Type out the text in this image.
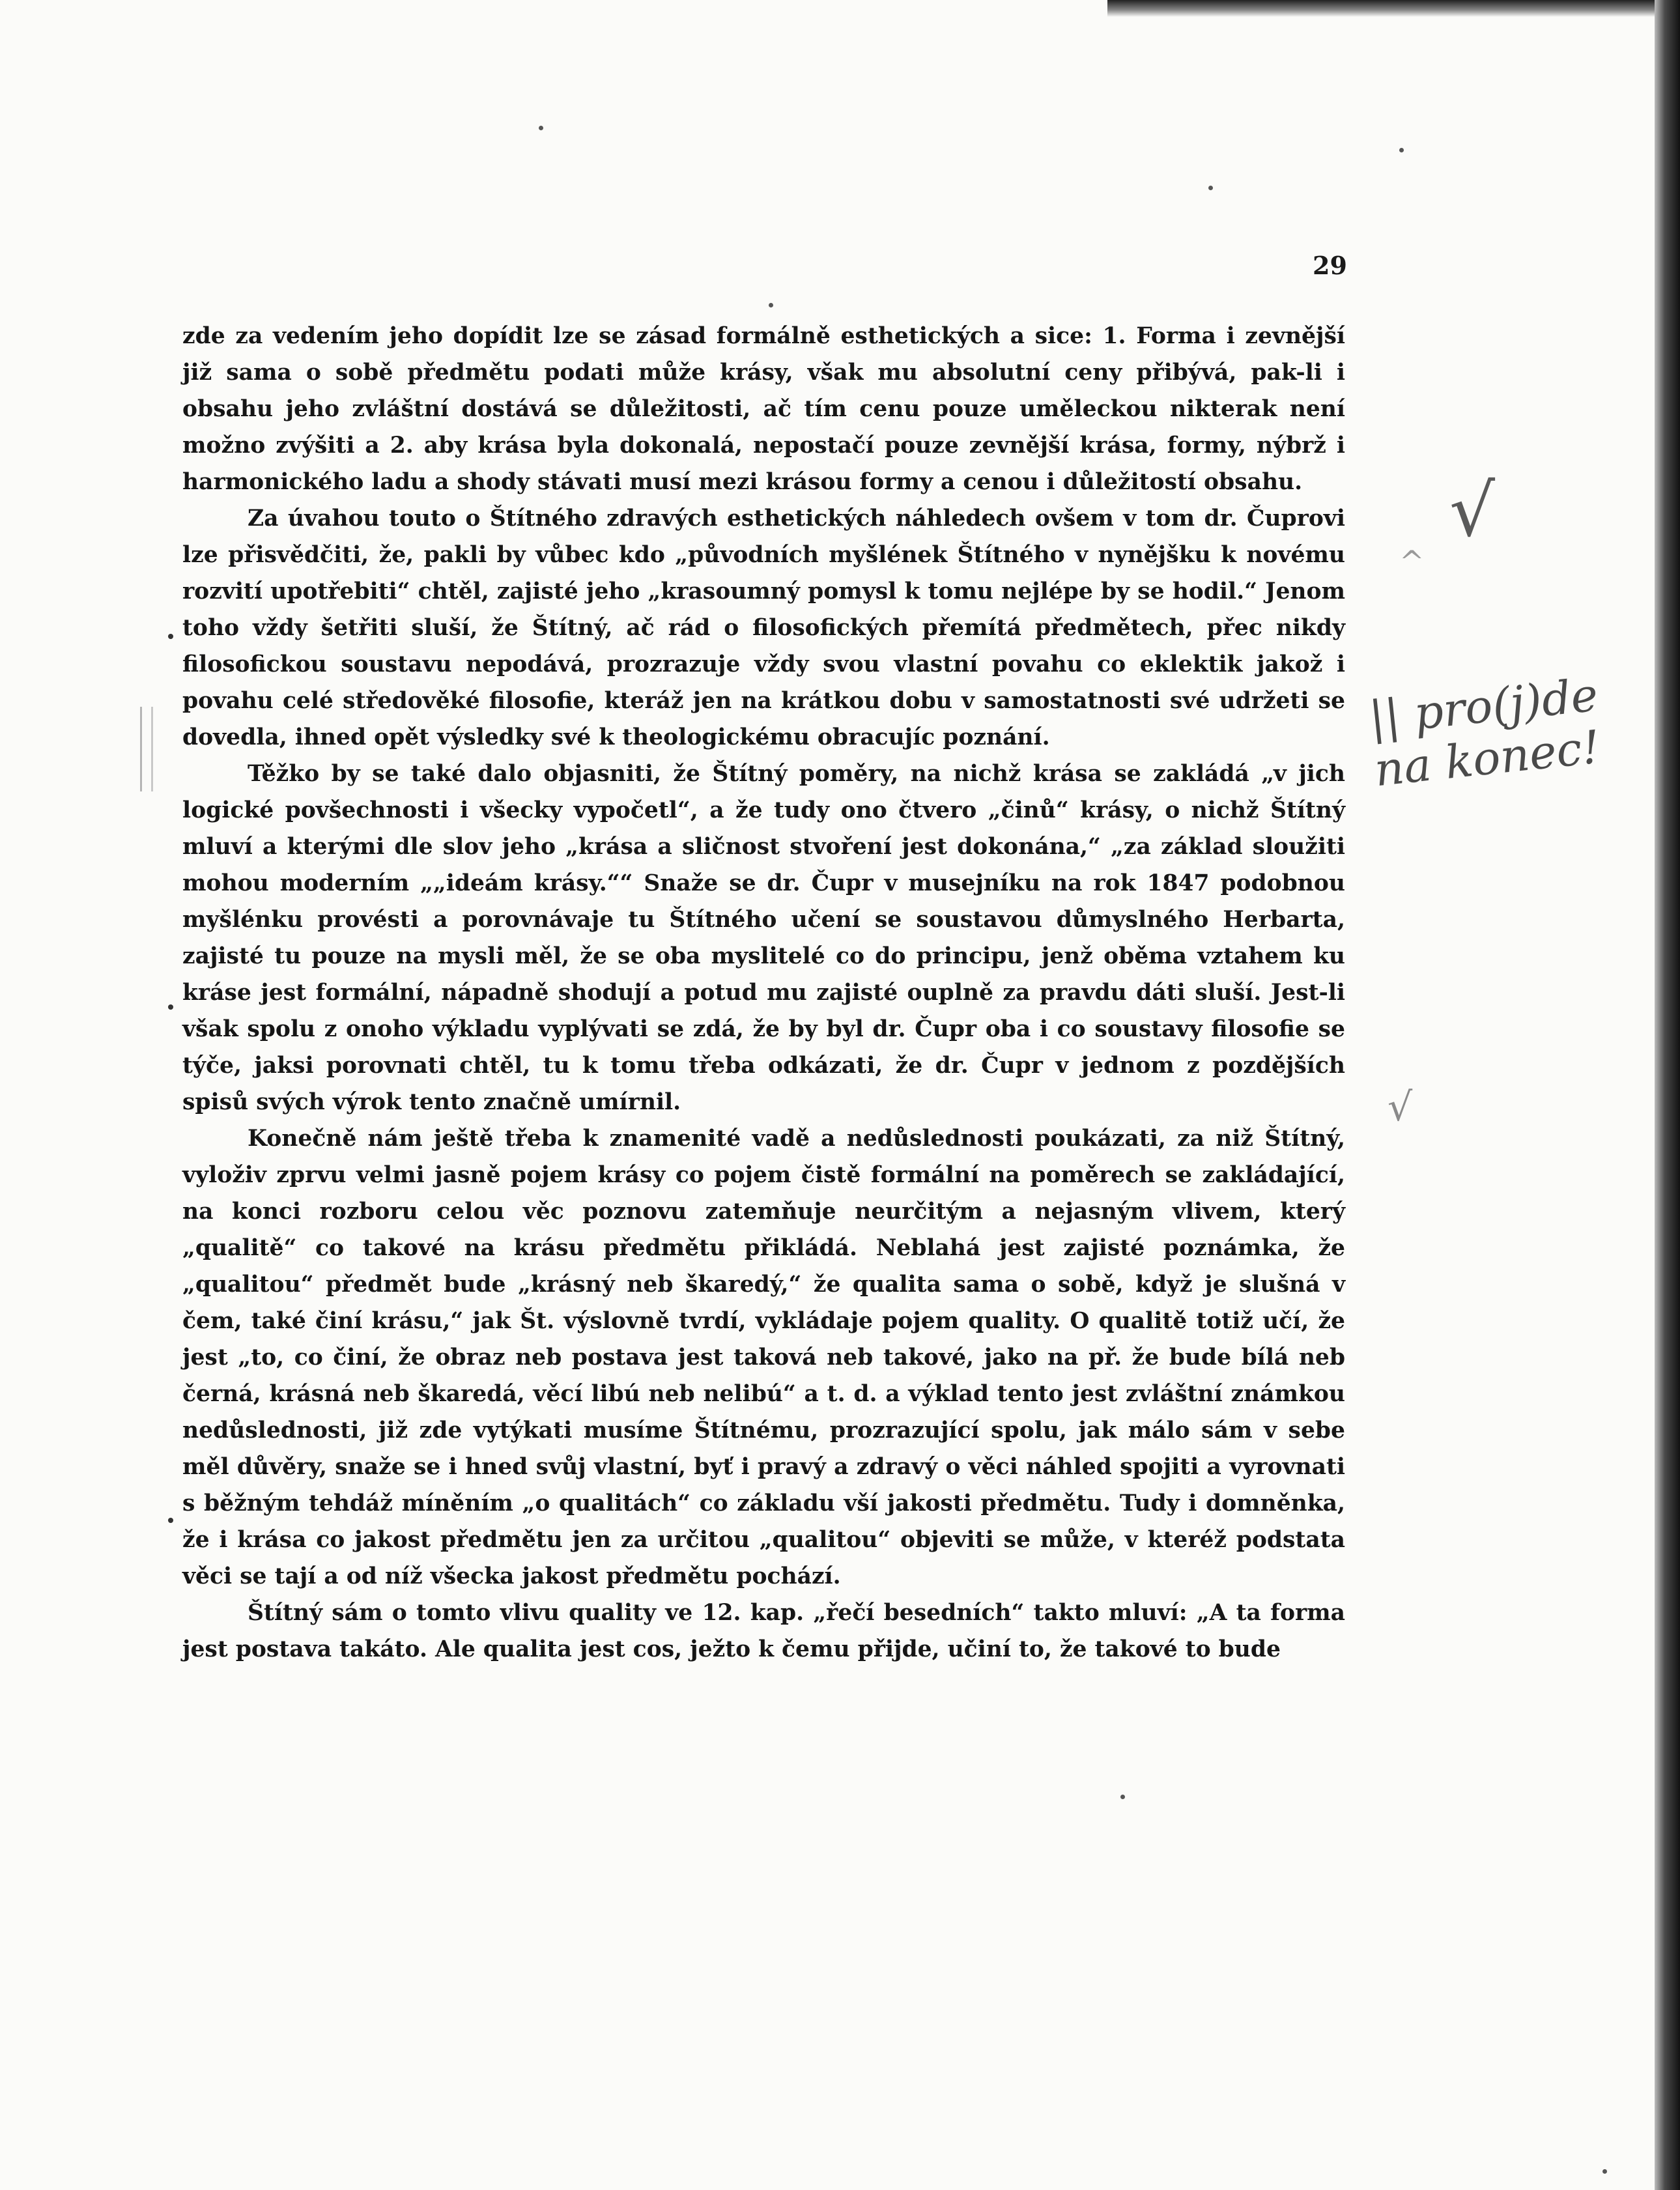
29

zde za vedením jeho dopídit lze se zásad formálně esthetických a sice: 1. Forma i zevnější již sama o sobě předmětu podati může krásy, však mu absolutní ceny přibývá, pak-li i obsahu jeho zvláštní dostává se důležitosti, ač tím cenu pouze uměleckou nikterak není možno zvýšiti a 2. aby krása byla dokonalá, nepostačí pouze zevnější krása, formy, nýbrž i harmonického ladu a shody stávati musí mezi krásou formy a cenou i důležitostí obsahu.

Za úvahou touto o Štítného zdravých esthetických náhledech ovšem v tom dr. Čuprovi lze přisvědčiti, že, pakli by vůbec kdo „původních myšlének Štítného v nynějšku k novému rozvití upotřebiti“ chtěl, zajisté jeho „krasoumný pomysl k tomu nejlépe by se hodil.“ Jenom toho vždy šetřiti sluší, že Štítný, ač rád o filosofických přemítá předmětech, přec nikdy filosofickou soustavu nepodává, prozrazuje vždy svou vlastní povahu co eklektik jakož i povahu celé středověké filosofie, kteráž jen na krátkou dobu v samostatnosti své udržeti se dovedla, ihned opět výsledky své k theologickému obracujíc poznání.

Těžko by se také dalo objasniti, že Štítný poměry, na nichž krása se zakládá „v jich logické povšechnosti i všecky vypočetl“, a že tudy ono čtvero „činů“ krásy, o nichž Štítný mluví a kterými dle slov jeho „krása a sličnost stvoření jest dokonána,“ „za základ sloužiti mohou moderním „„ideám krásy.““ Snaže se dr. Čupr v musejníku na rok 1847 podobnou myšlénku provésti a porovnávaje tu Štítného učení se soustavou důmyslného Herbarta, zajisté tu pouze na mysli měl, že se oba myslitelé co do principu, jenž oběma vztahem ku kráse jest formální, nápadně shodují a potud mu zajisté ouplně za pravdu dáti sluší. Jest-li však spolu z onoho výkladu vyplývati se zdá, že by byl dr. Čupr oba i co soustavy filosofie se týče, jaksi porovnati chtěl, tu k tomu třeba odkázati, že dr. Čupr v jednom z pozdějších spisů svých výrok tento značně umírnil.

Konečně nám ještě třeba k znamenité vadě a nedůslednosti poukázati, za niž Štítný, vyloživ zprvu velmi jasně pojem krásy co pojem čistě formální na poměrech se zakládající, na konci rozboru celou věc poznovu zatemňuje neurčitým a nejasným vlivem, který „qualitě“ co takové na krásu předmětu přikládá. Neblahá jest zajisté poznámka, že „qualitou“ předmět bude „krásný neb škaredý,“ že qualita sama o sobě, když je slušná v čem, také činí krásu,“ jak Št. výslovně tvrdí, vykládaje pojem quality. O qualitě totiž učí, že jest „to, co činí, že obraz neb postava jest taková neb takové, jako na př. že bude bílá neb černá, krásná neb škaredá, věcí libú neb nelibú“ a t. d. a výklad tento jest zvláštní známkou nedůslednosti, již zde vytýkati musíme Štítnému, prozrazující spolu, jak málo sám v sebe měl důvěry, snaže se i hned svůj vlastní, byť i pravý a zdravý o věci náhled spojiti a vyrovnati s běžným tehdáž míněním „o qualitách“ co základu vší jakosti předmětu. Tudy i domněnka, že i krása co jakost předmětu jen za určitou „qualitou“ objeviti se může, v kteréž podstata věci se tají a od níž všecka jakost předmětu pochází.

Štítný sám o tomto vlivu quality ve 12. kap. „řečí besedních“ takto mluví: „A ta forma jest postava takáto. Ale qualita jest cos, ježto k čemu přijde, učiní to, že takové to bude

√
^
√
|| pro(j)de na konec!
